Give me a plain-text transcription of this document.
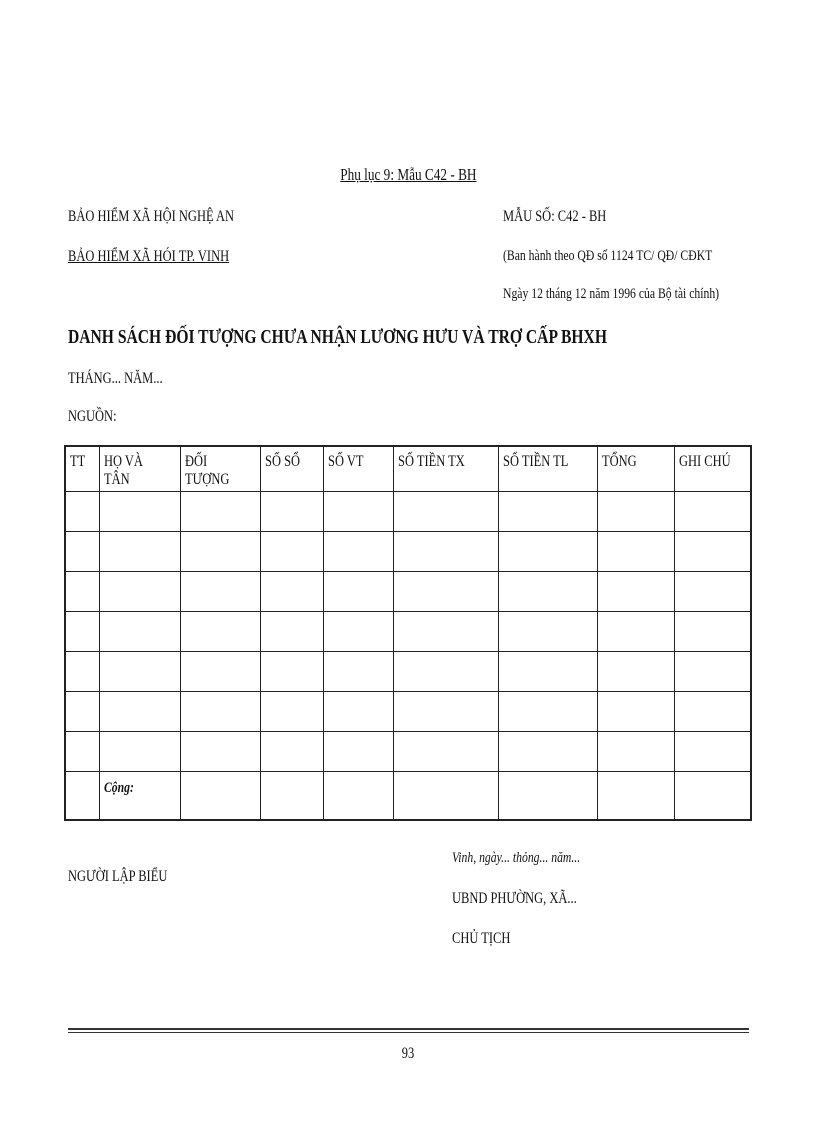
Phụ lục 9: Mẫu C42 - BH
BẢO HIỂM XÃ HỘI NGHỆ AN
BẢO HIỂM XÃ HÓI TP. VINH
MẪU SỐ: C42 - BH
(Ban hành theo QĐ số 1124 TC/ QĐ/ CĐKT
Ngày 12 tháng 12 năm 1996 của Bộ tài chính)
DANH SÁCH ĐỐI TƯỢNG CHƯA NHẬN LƯƠNG HƯU VÀ TRỢ CẤP BHXH
THÁNG... NĂM...
NGUỒN:
TT	HỌ VÀ TÂN	ĐỐI TƯỢNG	SỐ SỔ	SỐ VT	SỐ TIỀN TX	SỐ TIỀN TL	TỔNG	GHI CHÚ

	Cộng:							
NGƯỜI LẬP BIỂU
Vinh, ngày... thỏng... năm...
UBND PHƯỜNG, XÃ...
CHỦ TỊCH
93
